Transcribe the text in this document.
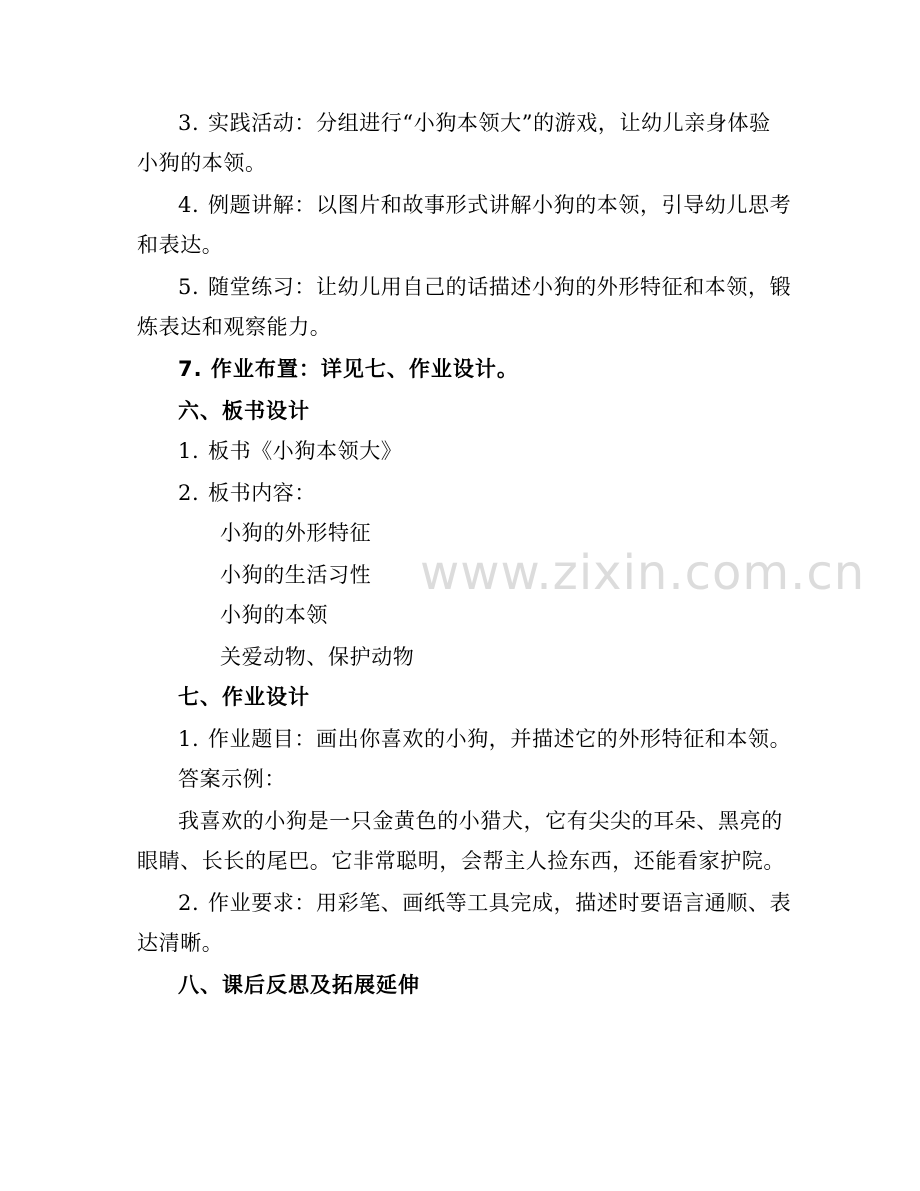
3. 实践活动：分组进行“小狗本领大”的游戏，让幼儿亲身体验
小狗的本领。
4. 例题讲解：以图片和故事形式讲解小狗的本领，引导幼儿思考
和表达。
5. 随堂练习：让幼儿用自己的话描述小狗的外形特征和本领，锻
炼表达和观察能力。
7. 作业布置：详见七、作业设计。
六、板书设计
1. 板书《小狗本领大》
2. 板书内容：
小狗的外形特征
小狗的生活习性
小狗的本领
关爱动物、保护动物
七、作业设计
1. 作业题目：画出你喜欢的小狗，并描述它的外形特征和本领。
答案示例：
我喜欢的小狗是一只金黄色的小猎犬，它有尖尖的耳朵、黑亮的
眼睛、长长的尾巴。它非常聪明，会帮主人捡东西，还能看家护院。
2. 作业要求：用彩笔、画纸等工具完成，描述时要语言通顺、表
达清晰。
八、课后反思及拓展延伸
www.zixin.com.cn
